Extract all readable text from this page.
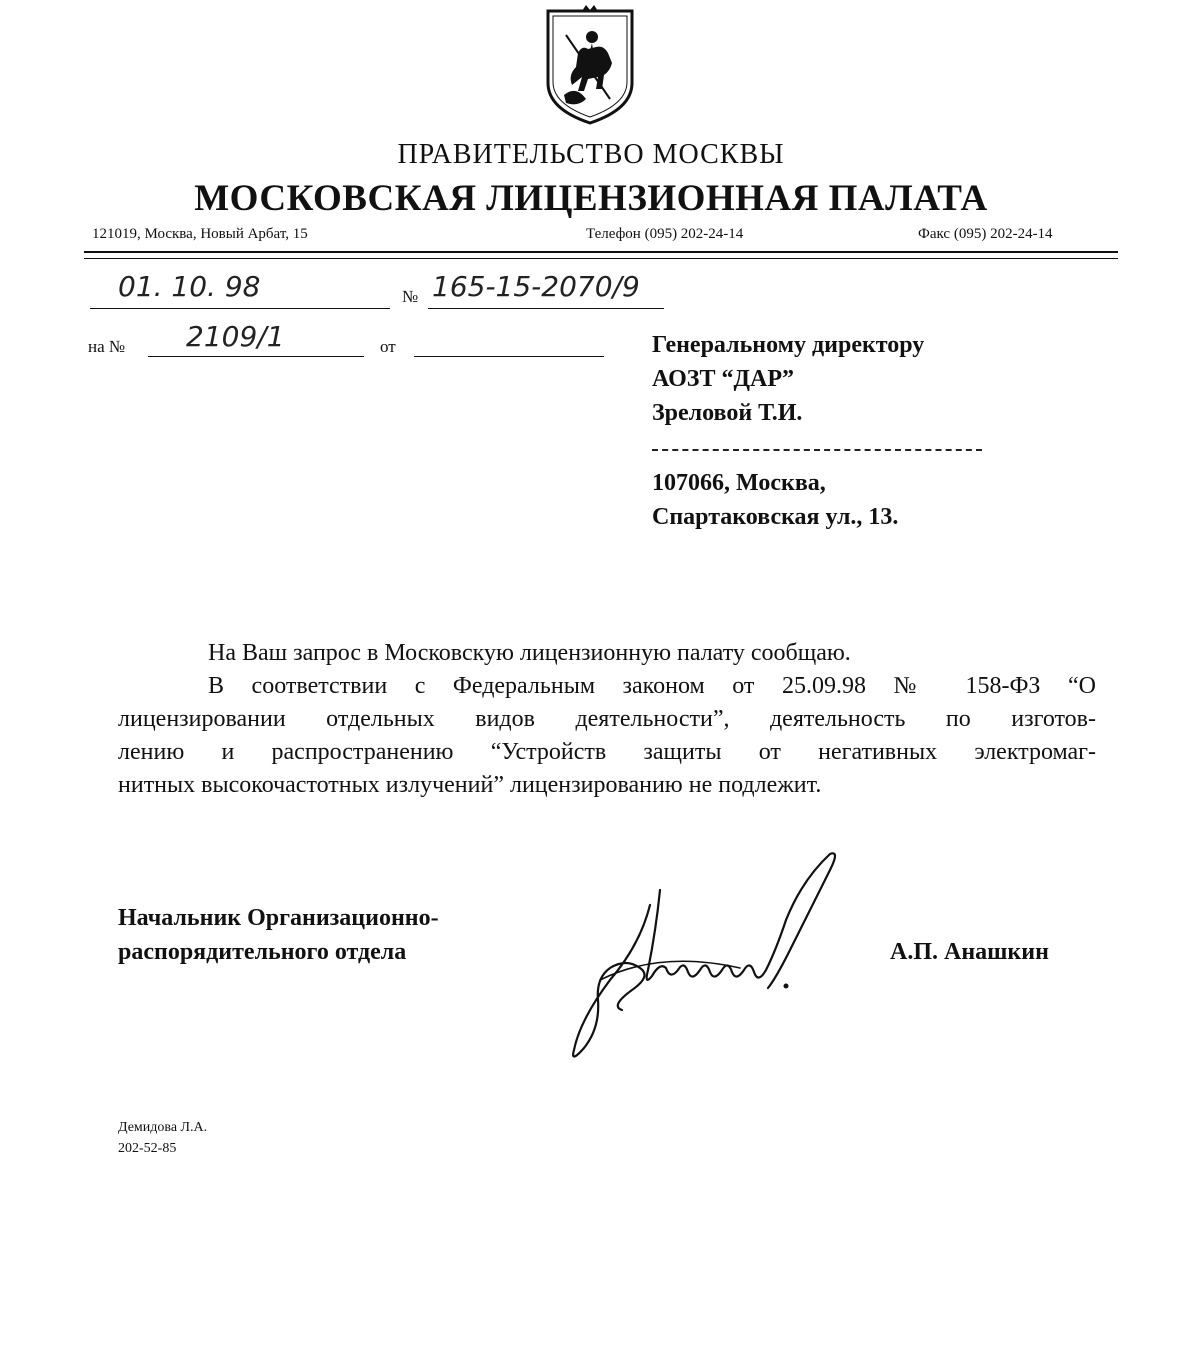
ПРАВИТЕЛЬСТВО МОСКВЫ
МОСКОВСКАЯ ЛИЦЕНЗИОННАЯ ПАЛАТА
121019, Москва, Новый Арбат, 15	Телефон (095) 202-24-14	Факс (095) 202-24-14
01. 10. 98	№ 165-15-2070/9
на № 2109/1	от	Генеральному директору
АОЗТ “ДАР”
Зреловой Т.И.
107066, Москва,
Спартаковская ул., 13.
На Ваш запрос в Московскую лицензионную палату сообщаю.
В соответствии с Федеральным законом от 25.09.98 № 158-ФЗ “О
лицензировании отдельных видов деятельности”, деятельность по изготов-
лению и распространению “Устройств защиты от негативных электромаг-
нитных высокочастотных излучений” лицензированию не подлежит.
Начальник Организационно-
распорядительного отдела	А.П. Анашкин
Демидова Л.А.
202-52-85
